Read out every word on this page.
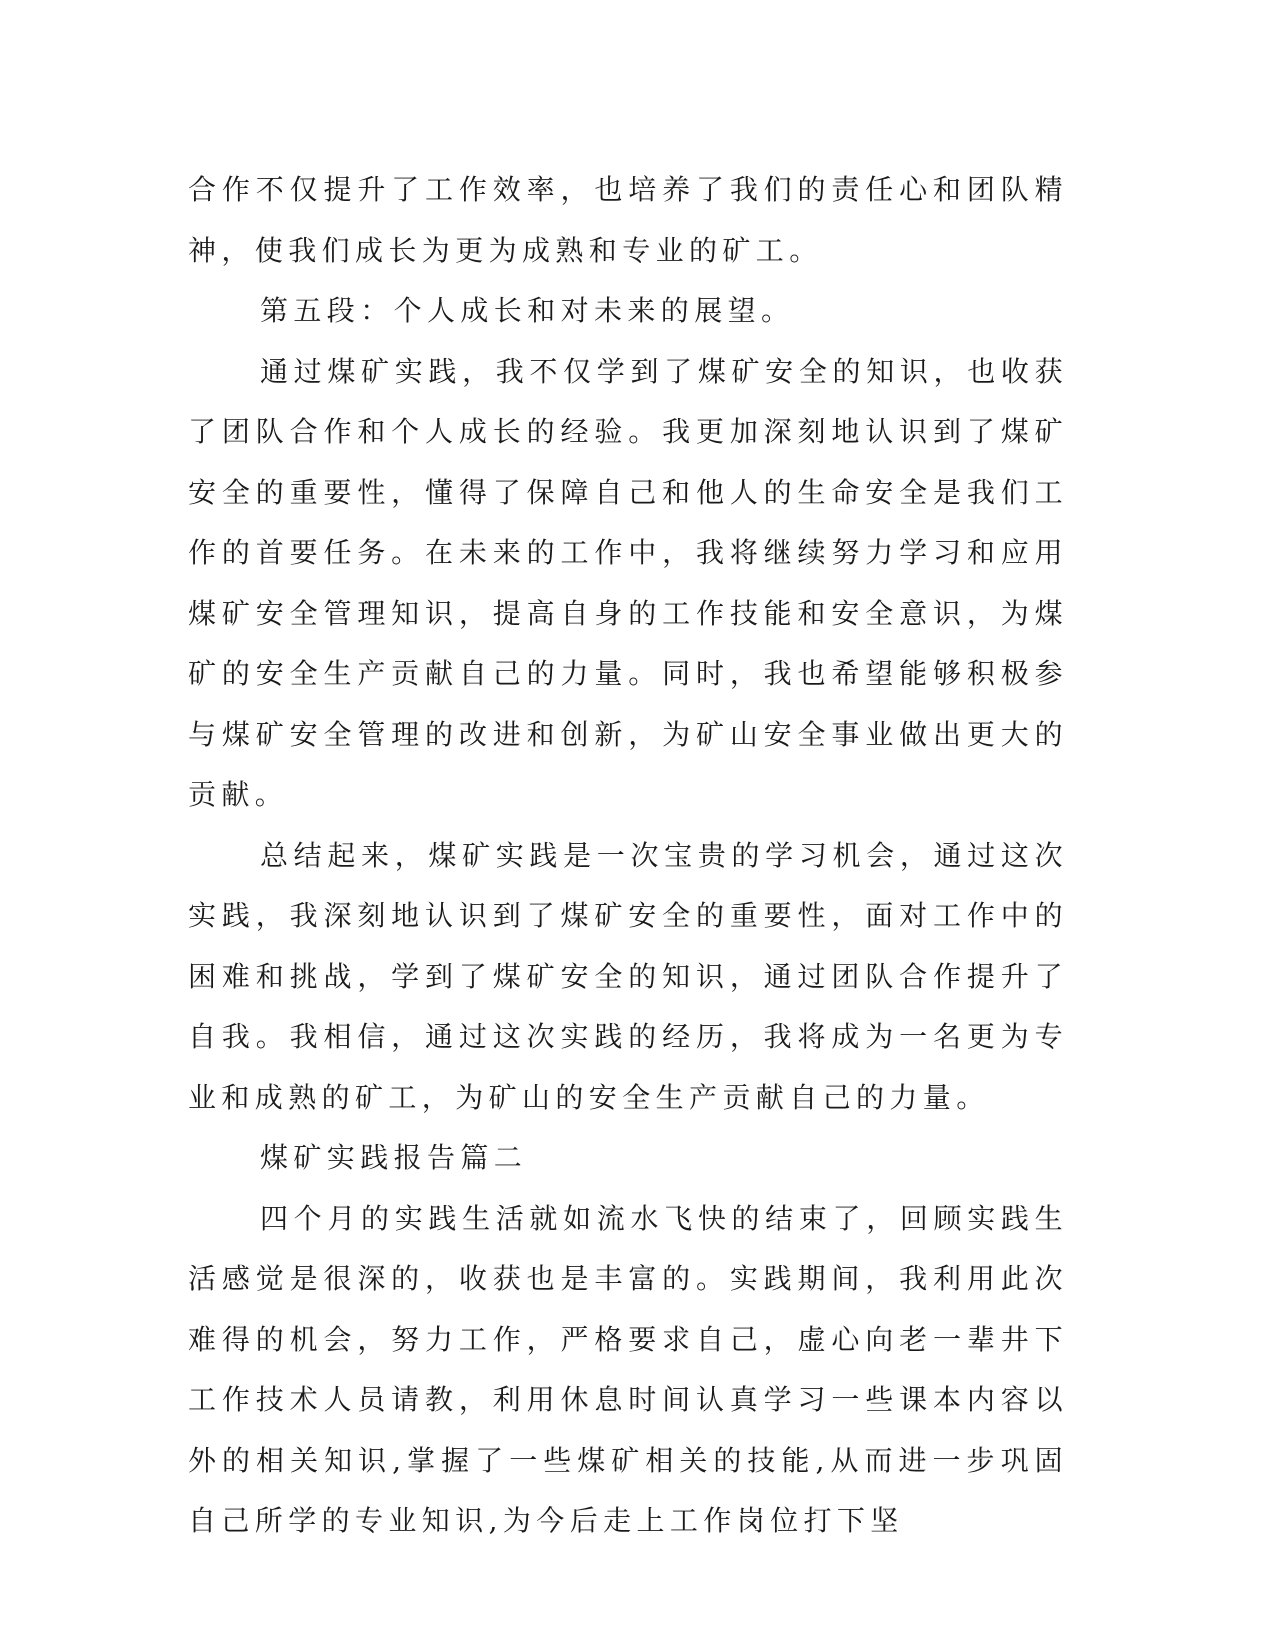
合作不仅提升了工作效率，也培养了我们的责任心和团队精神，使我们成长为更为成熟和专业的矿工。

第五段：个人成长和对未来的展望。

通过煤矿实践，我不仅学到了煤矿安全的知识，也收获了团队合作和个人成长的经验。我更加深刻地认识到了煤矿安全的重要性，懂得了保障自己和他人的生命安全是我们工作的首要任务。在未来的工作中，我将继续努力学习和应用煤矿安全管理知识，提高自身的工作技能和安全意识，为煤矿的安全生产贡献自己的力量。同时，我也希望能够积极参与煤矿安全管理的改进和创新，为矿山安全事业做出更大的贡献。

总结起来，煤矿实践是一次宝贵的学习机会，通过这次实践，我深刻地认识到了煤矿安全的重要性，面对工作中的困难和挑战，学到了煤矿安全的知识，通过团队合作提升了自我。我相信，通过这次实践的经历，我将成为一名更为专业和成熟的矿工，为矿山的安全生产贡献自己的力量。

煤矿实践报告篇二

四个月的实践生活就如流水飞快的结束了，回顾实践生活感觉是很深的，收获也是丰富的。实践期间，我利用此次难得的机会，努力工作，严格要求自己，虚心向老一辈井下工作技术人员请教，利用休息时间认真学习一些课本内容以外的相关知识,掌握了一些煤矿相关的技能,从而进一步巩固自己所学的专业知识,为今后走上工作岗位打下坚
